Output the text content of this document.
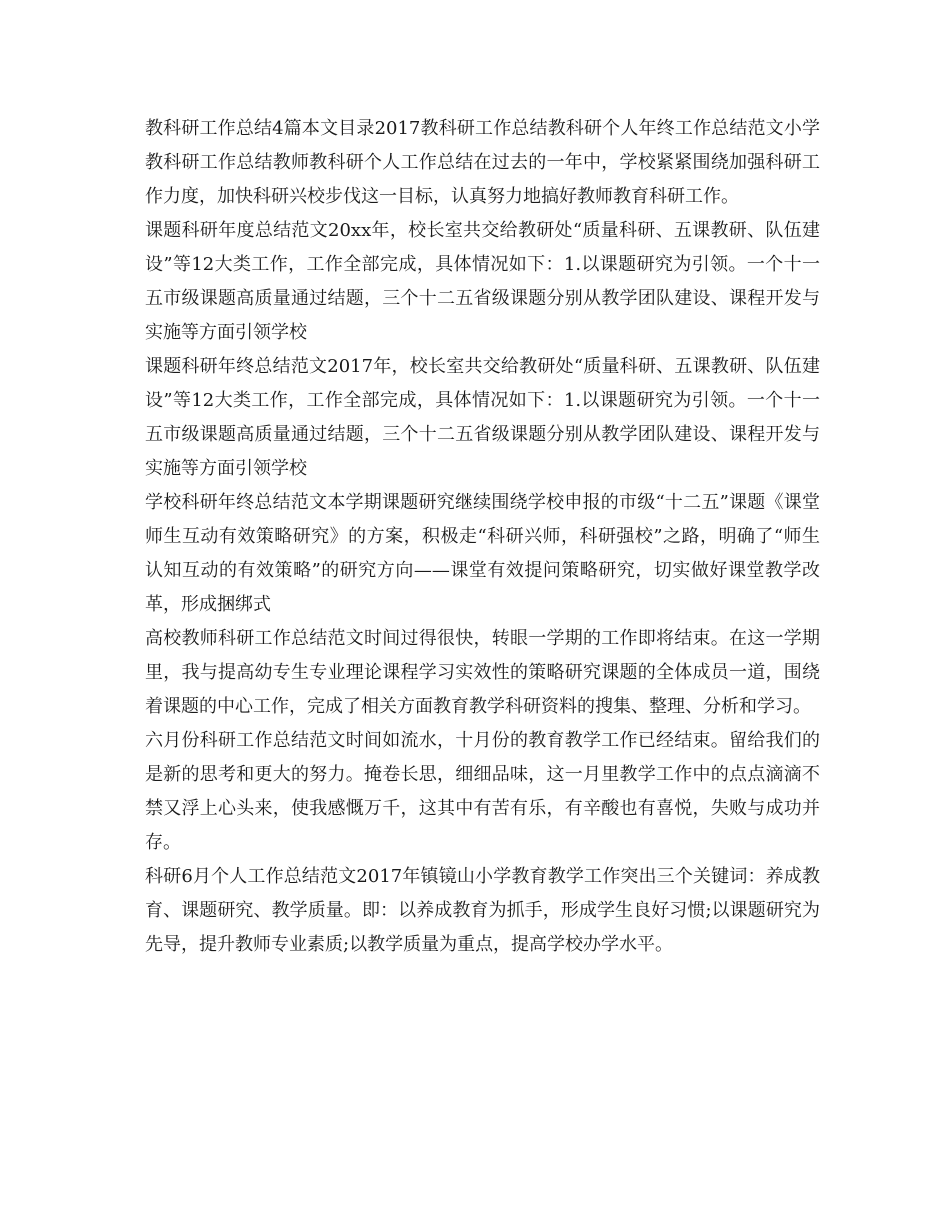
教科研工作总结4篇本文目录2017教科研工作总结教科研个人年终工作总结范文小学教科研工作总结教师教科研个人工作总结在过去的一年中，学校紧紧围绕加强科研工作力度，加快科研兴校步伐这一目标，认真努力地搞好教师教育科研工作。

课题科研年度总结范文20xx年，校长室共交给教研处“质量科研、五课教研、队伍建设”等12大类工作，工作全部完成，具体情况如下：1.以课题研究为引领。一个十一五市级课题高质量通过结题，三个十二五省级课题分别从教学团队建设、课程开发与实施等方面引领学校

课题科研年终总结范文2017年，校长室共交给教研处“质量科研、五课教研、队伍建设”等12大类工作，工作全部完成，具体情况如下：1.以课题研究为引领。一个十一五市级课题高质量通过结题，三个十二五省级课题分别从教学团队建设、课程开发与实施等方面引领学校

学校科研年终总结范文本学期课题研究继续围绕学校申报的市级“十二五”课题《课堂师生互动有效策略研究》的方案，积极走“科研兴师，科研强校”之路，明确了“师生认知互动的有效策略”的研究方向——课堂有效提问策略研究，切实做好课堂教学改革，形成捆绑式

高校教师科研工作总结范文时间过得很快，转眼一学期的工作即将结束。在这一学期里，我与提高幼专生专业理论课程学习实效性的策略研究课题的全体成员一道，围绕着课题的中心工作，完成了相关方面教育教学科研资料的搜集、整理、分析和学习。

六月份科研工作总结范文时间如流水，十月份的教育教学工作已经结束。留给我们的是新的思考和更大的努力。掩卷长思，细细品味，这一月里教学工作中的点点滴滴不禁又浮上心头来，使我感慨万千，这其中有苦有乐，有辛酸也有喜悦，失败与成功并存。

科研6月个人工作总结范文2017年镇镜山小学教育教学工作突出三个关键词：养成教育、课题研究、教学质量。即：以养成教育为抓手，形成学生良好习惯;以课题研究为先导，提升教师专业素质;以教学质量为重点，提高学校办学水平。
